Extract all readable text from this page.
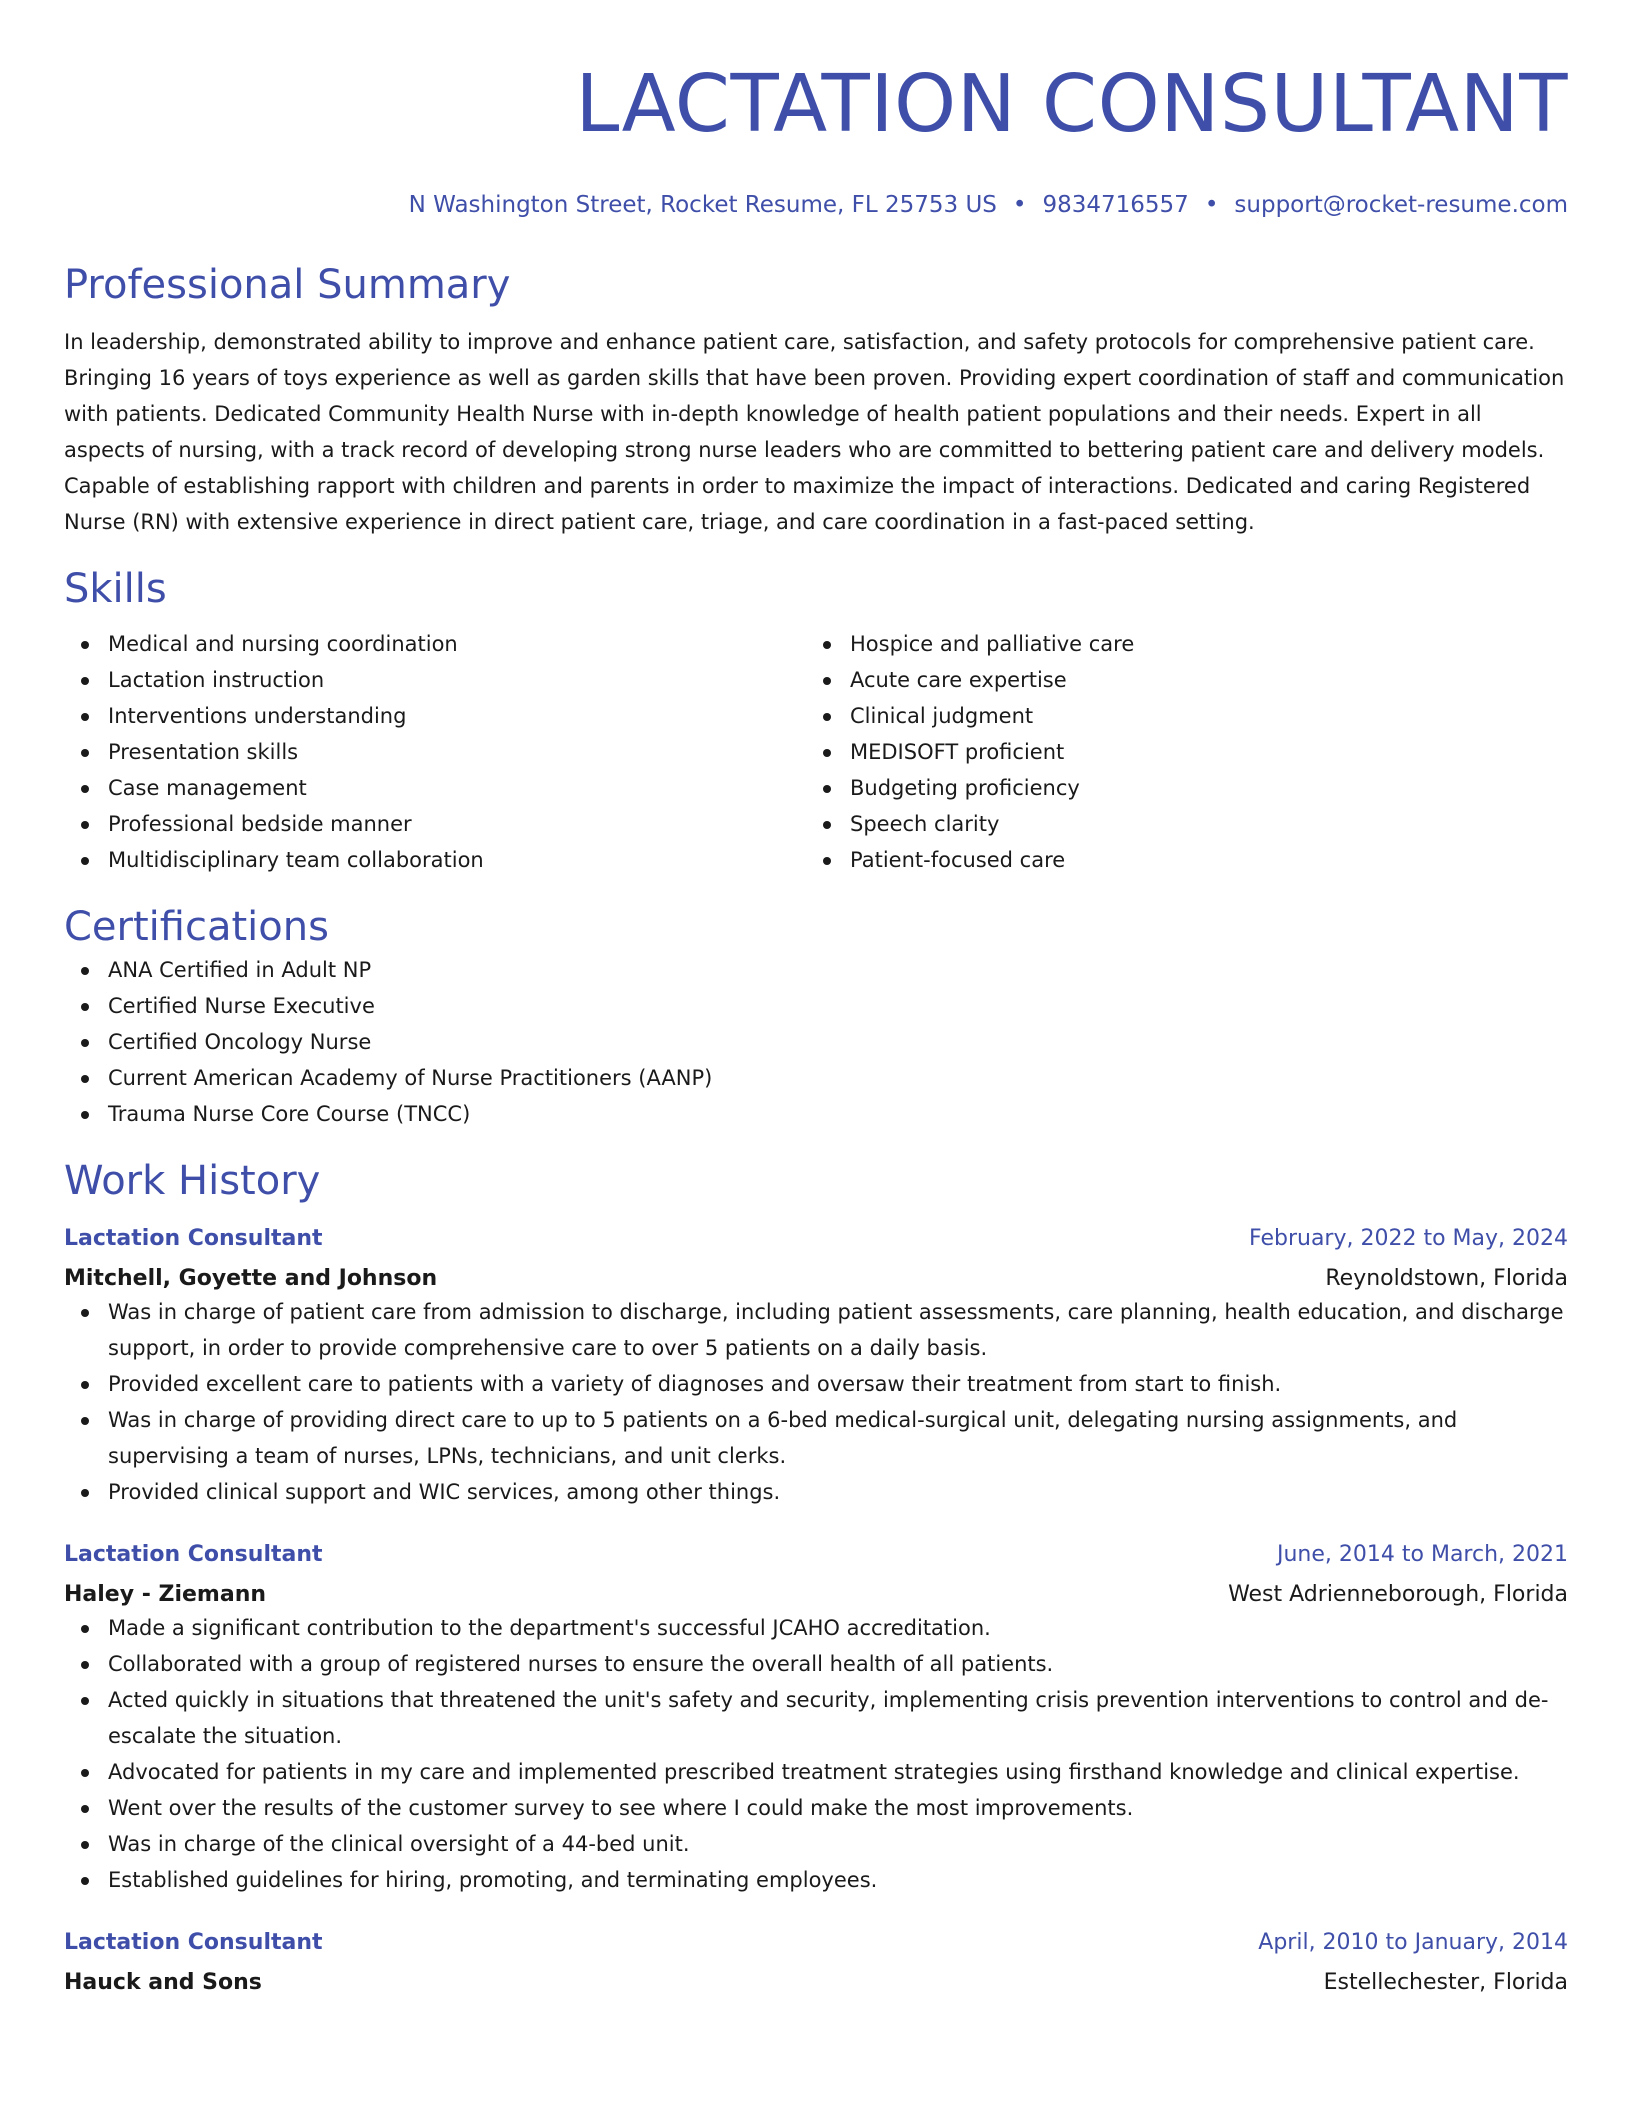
LACTATION CONSULTANT
N Washington Street, Rocket Resume, FL 25753 US • 9834716557 • support@rocket-resume.com
Professional Summary
In leadership, demonstrated ability to improve and enhance patient care, satisfaction, and safety protocols for comprehensive patient care. Bringing 16 years of toys experience as well as garden skills that have been proven. Providing expert coordination of staff and communication with patients. Dedicated Community Health Nurse with in-depth knowledge of health patient populations and their needs. Expert in all aspects of nursing, with a track record of developing strong nurse leaders who are committed to bettering patient care and delivery models. Capable of establishing rapport with children and parents in order to maximize the impact of interactions. Dedicated and caring Registered Nurse (RN) with extensive experience in direct patient care, triage, and care coordination in a fast-paced setting.
Skills
Medical and nursing coordination
Lactation instruction
Interventions understanding
Presentation skills
Case management
Professional bedside manner
Multidisciplinary team collaboration
Hospice and palliative care
Acute care expertise
Clinical judgment
MEDISOFT proficient
Budgeting proficiency
Speech clarity
Patient-focused care
Certifications
ANA Certified in Adult NP
Certified Nurse Executive
Certified Oncology Nurse
Current American Academy of Nurse Practitioners (AANP)
Trauma Nurse Core Course (TNCC)
Work History
Lactation Consultant	February, 2022 to May, 2024
Mitchell, Goyette and Johnson	Reynoldstown, Florida
Was in charge of patient care from admission to discharge, including patient assessments, care planning, health education, and discharge support, in order to provide comprehensive care to over 5 patients on a daily basis.
Provided excellent care to patients with a variety of diagnoses and oversaw their treatment from start to finish.
Was in charge of providing direct care to up to 5 patients on a 6-bed medical-surgical unit, delegating nursing assignments, and supervising a team of nurses, LPNs, technicians, and unit clerks.
Provided clinical support and WIC services, among other things.
Lactation Consultant	June, 2014 to March, 2021
Haley - Ziemann	West Adrienneborough, Florida
Made a significant contribution to the department's successful JCAHO accreditation.
Collaborated with a group of registered nurses to ensure the overall health of all patients.
Acted quickly in situations that threatened the unit's safety and security, implementing crisis prevention interventions to control and de-escalate the situation.
Advocated for patients in my care and implemented prescribed treatment strategies using firsthand knowledge and clinical expertise.
Went over the results of the customer survey to see where I could make the most improvements.
Was in charge of the clinical oversight of a 44-bed unit.
Established guidelines for hiring, promoting, and terminating employees.
Lactation Consultant	April, 2010 to January, 2014
Hauck and Sons	Estellechester, Florida
